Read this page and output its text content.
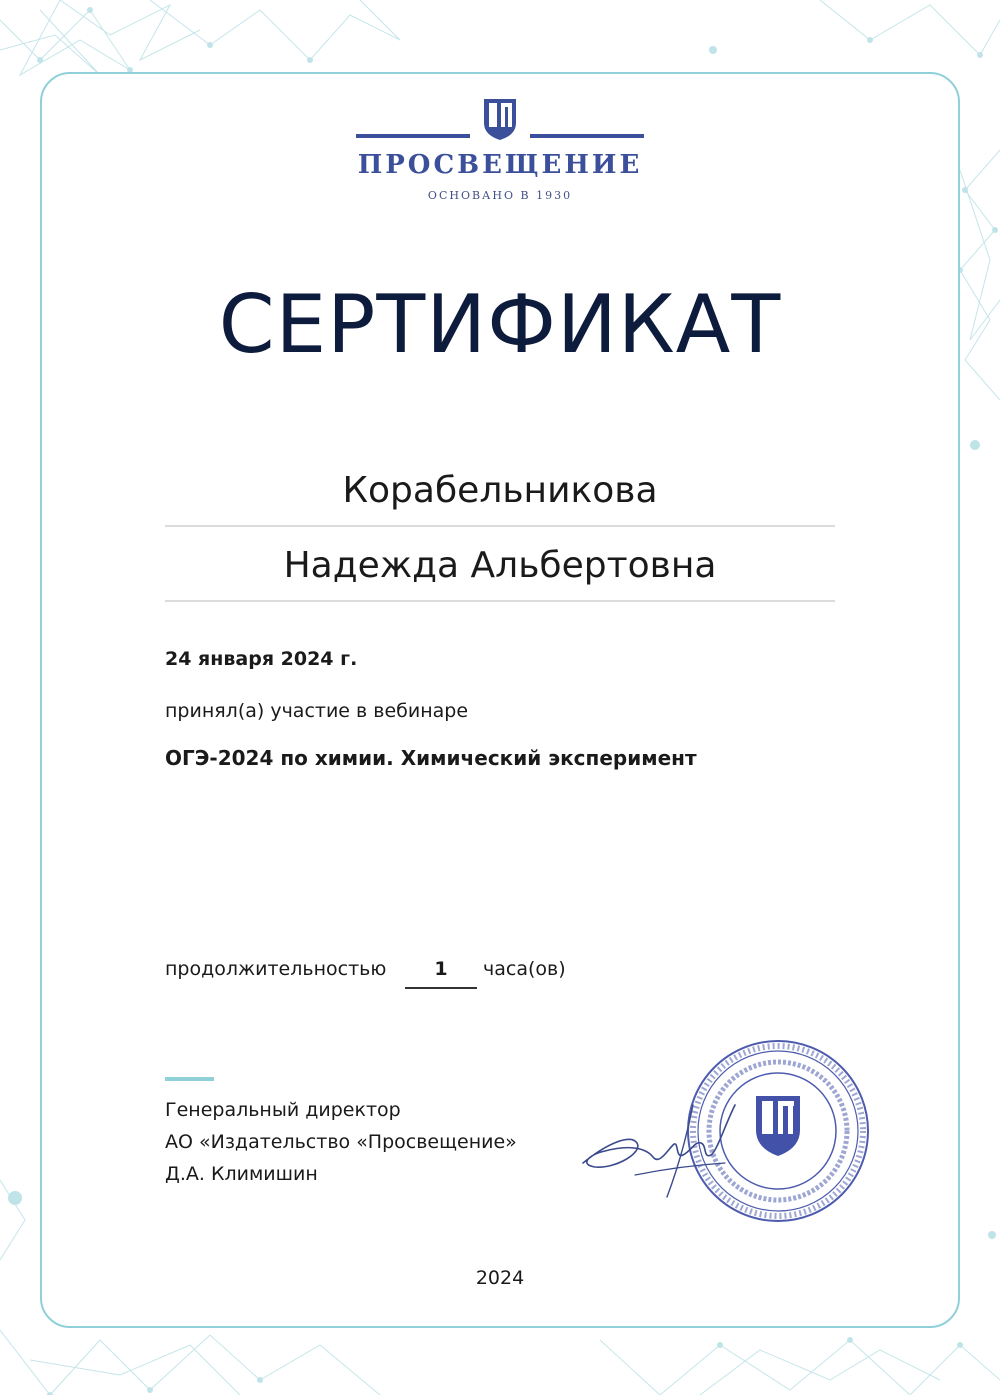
ПРОСВЕЩЕНИЕ
ОСНОВАНО В 1930
СЕРТИФИКАТ
Корабельникова
Надежда Альбертовна
24 января 2024 г.
принял(а) участие в вебинаре
ОГЭ-2024 по химии. Химический эксперимент
продолжительностью	1	часа(ов)
Генеральный директор
АО «Издательство «Просвещение»
Д.А. Климишин
2024
